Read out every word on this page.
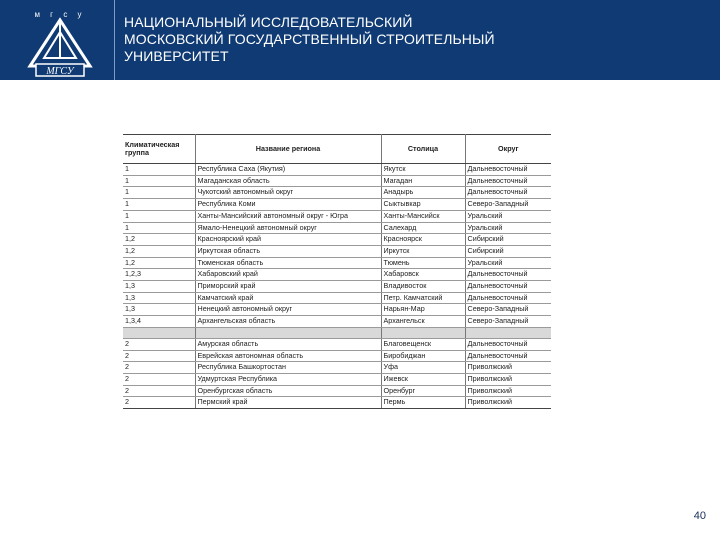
м г с у
МГСУ
НАЦИОНАЛЬНЫЙ ИССЛЕДОВАТЕЛЬСКИЙ
МОСКОВСКИЙ ГОСУДАРСТВЕННЫЙ СТРОИТЕЛЬНЫЙ
УНИВЕРСИТЕТ
Климатическая группа	Название региона	Столица	Округ
1	Республика Саха (Якутия)	Якутск	Дальневосточный
1	Магаданская область	Магадан	Дальневосточный
1	Чукотский автономный округ	Анадырь	Дальневосточный
1	Республика Коми	Сыктывкар	Северо-Западный
1	Ханты-Мансийский автономный округ - Югра	Ханты-Мансийск	Уральский
1	Ямало-Ненецкий автономный округ	Салехард	Уральский
1,2	Красноярский край	Красноярск	Сибирский
1,2	Иркутская область	Иркутск	Сибирский
1,2	Тюменская область	Тюмень	Уральский
1,2,3	Хабаровский край	Хабаровск	Дальневосточный
1,3	Приморский край	Владивосток	Дальневосточный
1,3	Камчатский край	Петр. Камчатский	Дальневосточный
1,3	Ненецкий автономный округ	Нарьян-Мар	Северо-Западный
1,3,4	Архангельская область	Архангельск	Северо-Западный

2	Амурская область	Благовещенск	Дальневосточный
2	Еврейская автономная область	Биробиджан	Дальневосточный
2	Республика Башкортостан	Уфа	Приволжский
2	Удмуртская Республика	Ижевск	Приволжский
2	Оренбургская область	Оренбург	Приволжский
2	Пермский край	Пермь	Приволжский
40
